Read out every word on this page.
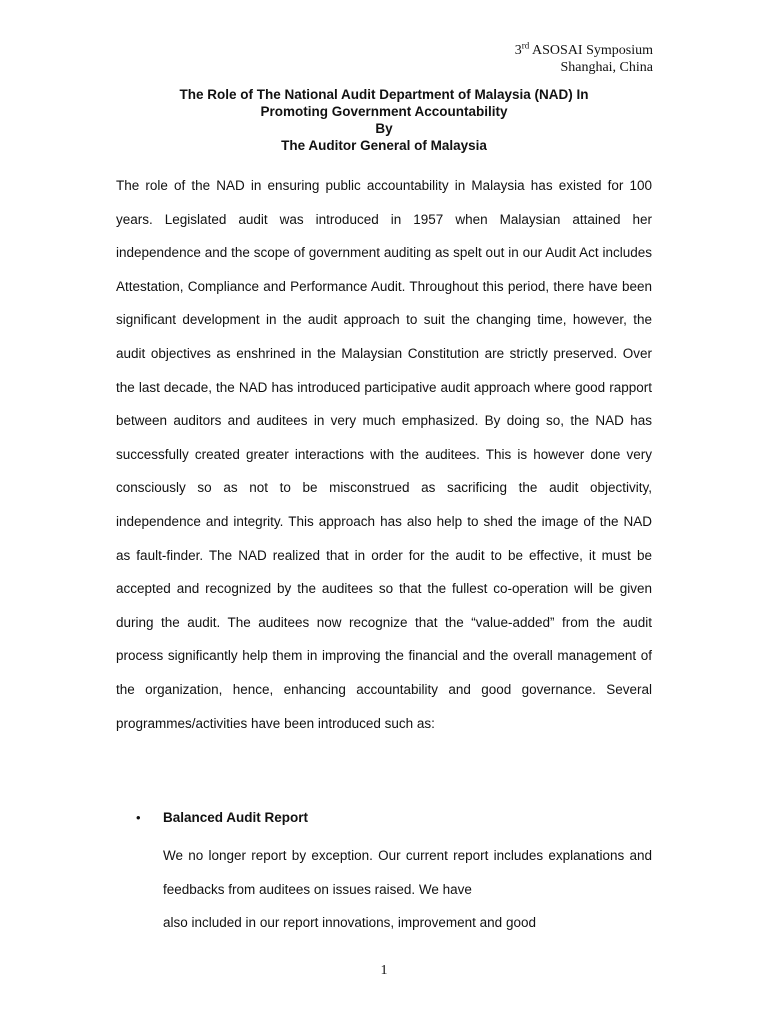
3rd ASOSAI Symposium
Shanghai, China
The Role of The National Audit Department of Malaysia (NAD) In
Promoting Government Accountability
By
The Auditor General of Malaysia
The role of the NAD in ensuring public accountability in Malaysia has existed for 100 years. Legislated audit was introduced in 1957 when Malaysian attained her independence and the scope of government auditing as spelt out in our Audit Act includes Attestation, Compliance and Performance Audit. Throughout this period, there have been significant development in the audit approach to suit the changing time, however, the audit objectives as enshrined in the Malaysian Constitution are strictly preserved. Over the last decade, the NAD has introduced participative audit approach where good rapport between auditors and auditees in very much emphasized. By doing so, the NAD has successfully created greater interactions with the auditees. This is however done very consciously so as not to be misconstrued as sacrificing the audit objectivity, independence and integrity. This approach has also help to shed the image of the NAD as fault-finder. The NAD realized that in order for the audit to be effective, it must be accepted and recognized by the auditees so that the fullest co-operation will be given during the audit. The auditees now recognize that the “value-added” from the audit process significantly help them in improving the financial and the overall management of the organization, hence, enhancing accountability and good governance. Several programmes/activities have been introduced such as:
•	Balanced Audit Report
We no longer report by exception. Our current report includes explanations and feedbacks from auditees on issues raised. We have
also included in our report innovations, improvement and good
1
